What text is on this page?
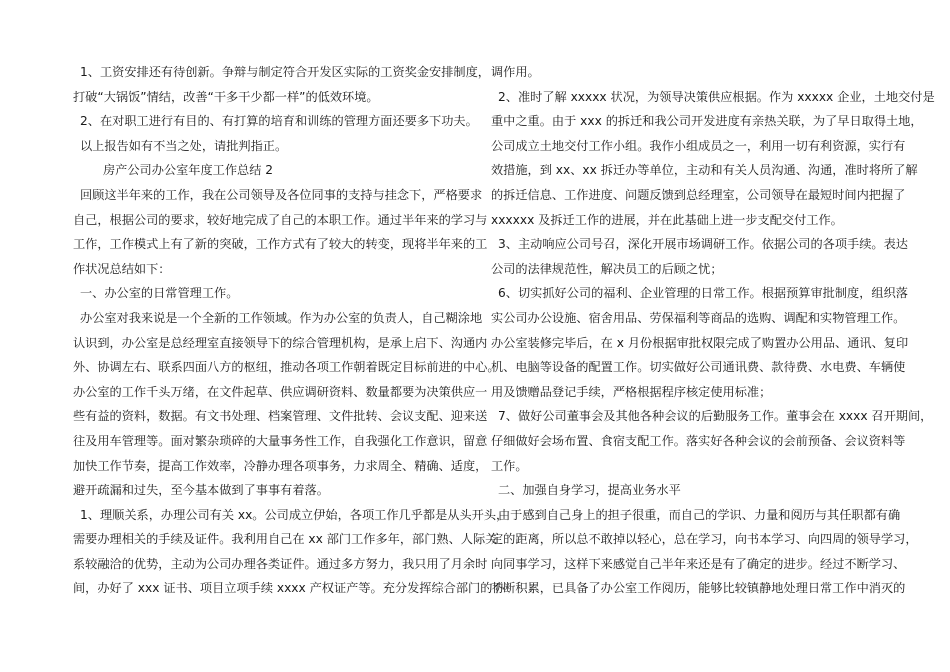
1、工资安排还有待创新。争辩与制定符合开发区实际的工资奖金安排制度，
打破“大锅饭”情结，改善“干多干少都一样”的低效环境。
2、在对职工进行有目的、有打算的培育和训练的管理方面还要多下功夫。
以上报告如有不当之处，请批判指正。
房产公司办公室年度工作总结 2
回顾这半年来的工作，我在公司领导及各位同事的支持与挂念下，严格要求
自己，根据公司的要求，较好地完成了自己的本职工作。通过半年来的学习与
工作，工作模式上有了新的突破，工作方式有了较大的转变，现将半年来的工
作状况总结如下：
一、办公室的日常管理工作。
办公室对我来说是一个全新的工作领域。作为办公室的负责人，自己糊涂地
认识到，办公室是总经理室直接领导下的综合管理机构，是承上启下、沟通内
外、协调左右、联系四面八方的枢纽，推动各项工作朝着既定目标前进的中心。
办公室的工作千头万绪，在文件起草、供应调研资料、数量都要为决策供应一
些有益的资料，数据。有文书处理、档案管理、文件批转、会议支配、迎来送
往及用车管理等。面对繁杂琐碎的大量事务性工作，自我强化工作意识，留意
加快工作节奏，提高工作效率，冷静办理各项事务，力求周全、精确、适度，
避开疏漏和过失，至今基本做到了事事有着落。
1、理顺关系，办理公司有关 xx。公司成立伊始，各项工作几乎都是从头开头，
需要办理相关的手续及证件。我利用自己在 xx 部门工作多年，部门熟、人际关
系较融洽的优势，主动为公司办理各类证件。通过多方努力，我只用了月余时
间，办好了 xxx 证书、项目立项手续 xxxx 产权证产等。充分发挥综合部门的协
调作用。
2、准时了解 xxxxx 状况，为领导决策供应根据。作为 xxxxx 企业，土地交付是
重中之重。由于 xxx 的拆迁和我公司开发进度有亲热关联，为了早日取得土地，
公司成立土地交付工作小组。我作小组成员之一，利用一切有利资源，实行有
效措施，到 xx、xx 拆迁办等单位，主动和有关人员沟通、沟通，准时将所了解
的拆迁信息、工作进度、问题反馈到总经理室，公司领导在最短时间内把握了
xxxxxx 及拆迁工作的进展，并在此基础上进一步支配交付工作。
3、主动响应公司号召，深化开展市场调研工作。依据公司的各项手续。表达
公司的法律规范性，解决员工的后顾之忧；
6、切实抓好公司的福利、企业管理的日常工作。根据预算审批制度，组织落
实公司办公设施、宿舍用品、劳保福利等商品的选购、调配和实物管理工作。
办公室装修完毕后，在 x 月份根据审批权限完成了购置办公用品、通讯、复印
机、电脑等设备的配置工作。切实做好公司通讯费、款待费、水电费、车辆使
用及馈赠品登记手续，严格根据程序核定使用标准；
7、做好公司董事会及其他各种会议的后勤服务工作。董事会在 xxxx 召开期间，
仔细做好会场布置、食宿支配工作。落实好各种会议的会前预备、会议资料等
工作。
二、加强自身学习，提高业务水平
由于感到自己身上的担子很重，而自己的学识、力量和阅历与其任职都有确
定的距离，所以总不敢掉以轻心，总在学习，向书本学习、向四周的领导学习，
向同事学习，这样下来感觉自己半年来还是有了确定的进步。经过不断学习、
不断积累，已具备了办公室工作阅历，能够比较镇静地处理日常工作中消灭的
